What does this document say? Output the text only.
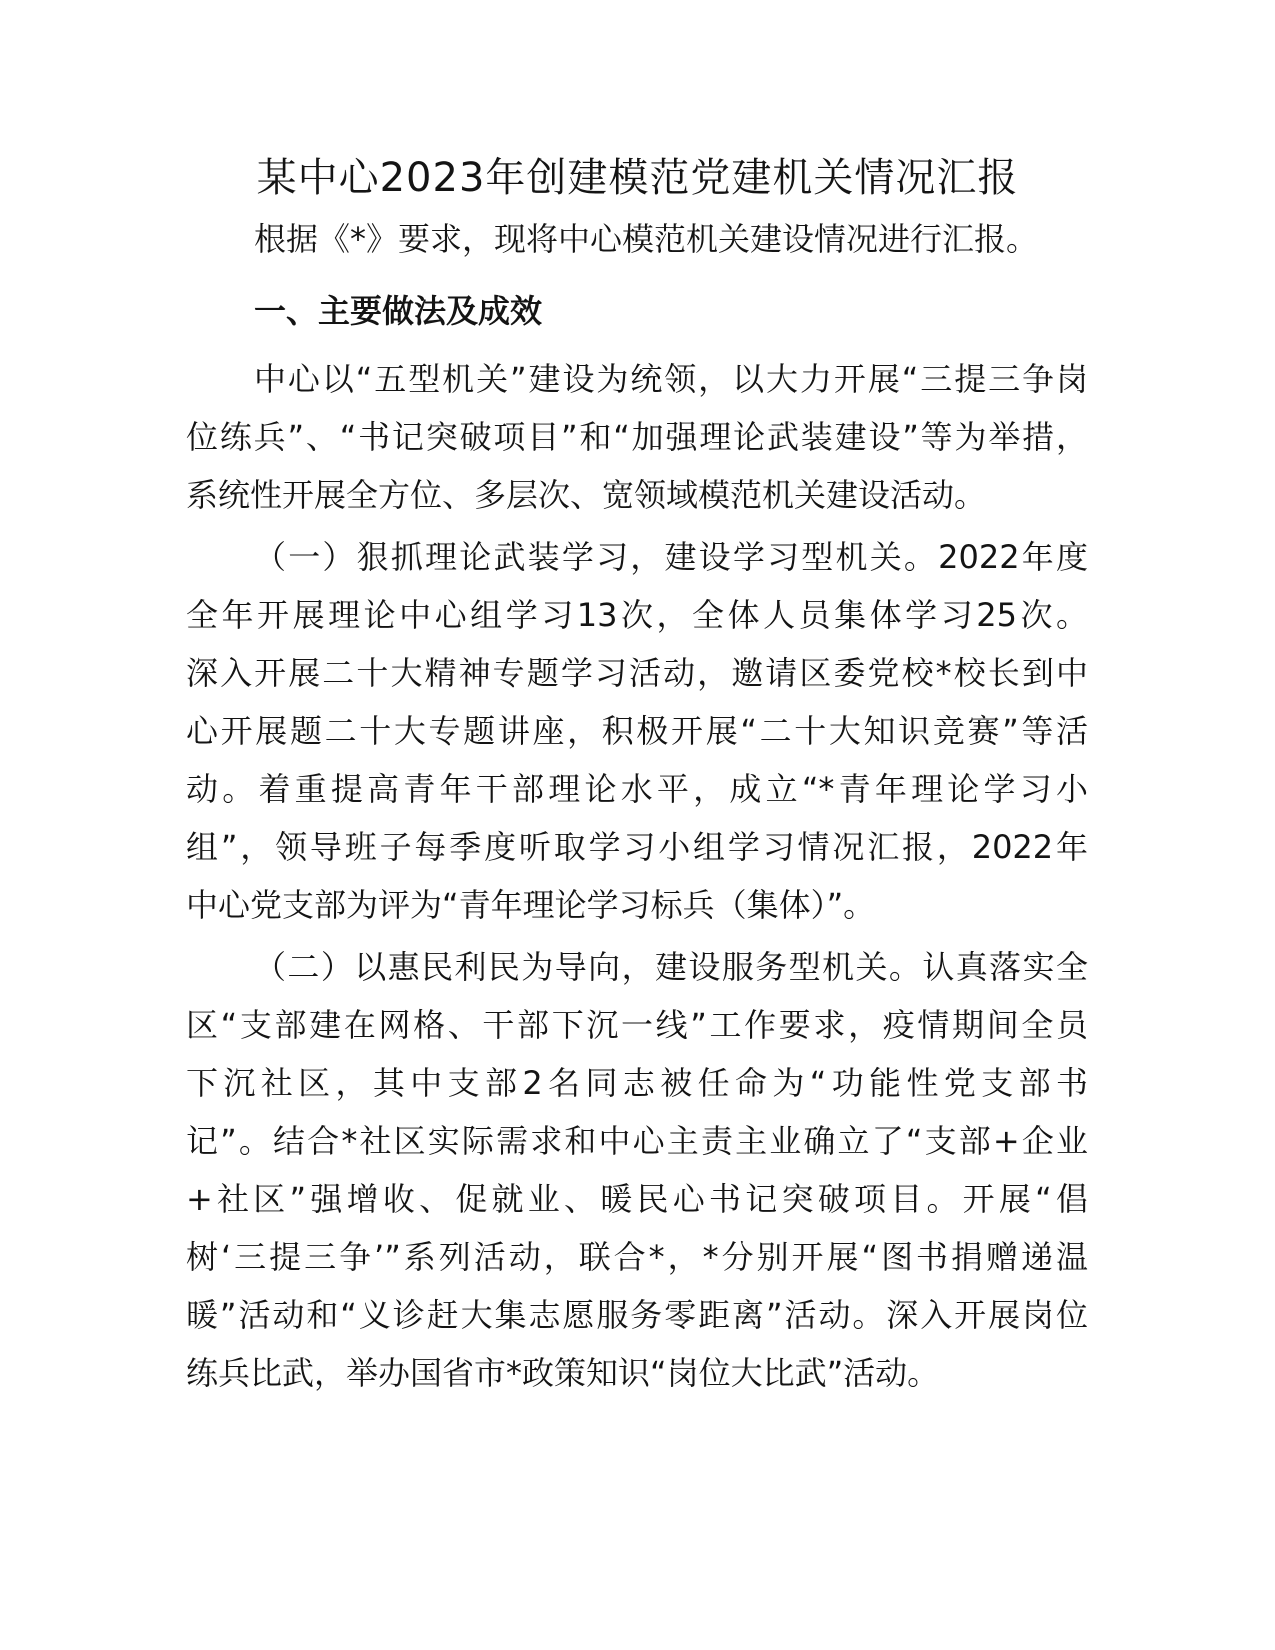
某中心2023年创建模范党建机关情况汇报

根据《*》要求，现将中心模范机关建设情况进行汇报。

一、主要做法及成效

中心以“五型机关”建设为统领，以大力开展“三提三争岗
位练兵”、“书记突破项目”和“加强理论武装建设”等为举措，
系统性开展全方位、多层次、宽领域模范机关建设活动。

（一）狠抓理论武装学习，建设学习型机关。2022年度
全年开展理论中心组学习13次，全体人员集体学习25次。
深入开展二十大精神专题学习活动，邀请区委党校*校长到中
心开展题二十大专题讲座，积极开展“二十大知识竞赛”等活
动。着重提高青年干部理论水平，成立“*青年理论学习小
组”，领导班子每季度听取学习小组学习情况汇报，2022年
中心党支部为评为“青年理论学习标兵（集体）”。

（二）以惠民利民为导向，建设服务型机关。认真落实全
区“支部建在网格、干部下沉一线”工作要求，疫情期间全员
下沉社区，其中支部2名同志被任命为“功能性党支部书
记”。结合*社区实际需求和中心主责主业确立了“支部+企业
+社区”强增收、促就业、暖民心书记突破项目。开展“倡
树‘三提三争’”系列活动，联合*，*分别开展“图书捐赠递温
暖”活动和“义诊赶大集志愿服务零距离”活动。深入开展岗位
练兵比武，举办国省市*政策知识“岗位大比武”活动。
